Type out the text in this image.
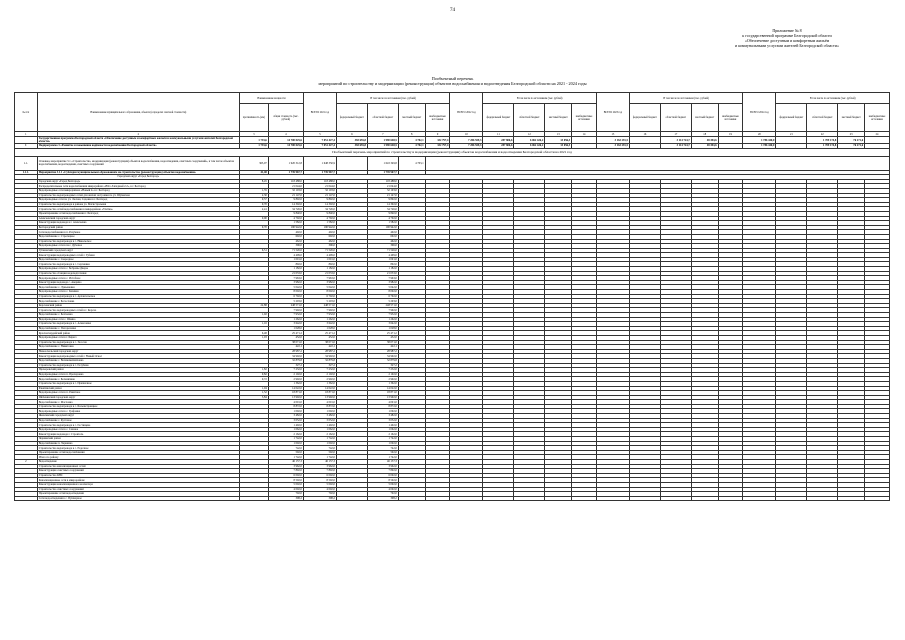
74
Приложение № 8
к государственной программе Белгородской области
«Обеспечение доступным и комфортным жильём
и коммунальными услугами жителей Белгородской области»
Пообъектный перечень
мероприятий по строительству и модернизации (реконструкции) объектов водоснабжения и водоотведения Белгородской области на 2021 - 2024 годы
№ п/п	Наименование муниципального образования, объекта (в пределах сметной стоимости)	Наименование мощности		ВСЕГО 2021 год	В том числе по источникам (тыс. рублей)				ВСЕГО 2022 год	В том числе по источникам (тыс. рублей)				ВСЕГО 2023 год	В том числе по источникам (тыс. рублей)				ВСЕГО 2024 год	В том числе по источникам (тыс. рублей)			
		протяжённость (км)	общая стоимость (тыс. рублей)		федеральный бюджет	областной бюджет	местный бюджет	внебюджетные источники		федеральный бюджет	областной бюджет	местный бюджет	внебюджетные источники		федеральный бюджет	областной бюджет	местный бюджет	внебюджетные источники		федеральный бюджет	областной бюджет	местный бюджет	внебюджетные источники

1	2	3	4	5	6	7	8	9	10	11	12	13	14	15	16	17	18	19	20	21	22	23	24
	Государственная программа Белгородской области «Обеспечение доступным и комфортным жильём и коммунальными услугами жителей Белгородской области»	1 735,6	14 700 025,6	7 051 427,4	383 655,8	1 990 648,5	4 702,1	332 797,4	7 206 559,3	287 806,6	6 062 426,2	13 056,3		3 163 291,5		3 114 724,7	48 494,6		1 786 440,0		1 709 174,8	76 271,6	
1	Подпрограмма 3 «Развитие и повышение надёжности водоснабжения Белгородской области»	1 735,6	14 700 025,6	7 051 427,4	383 655,8	1 990 648,5	4 702,1	332 797,4	7 206 559,3	287 806,6	6 062 426,2	13 056,3		3 163 291,5		3 114 724,7	48 494,6		1 786 440,0		1 709 174,8	76 271,6	
Пообъектный перечень мероприятий по строительству и модернизации (реконструкции) объектов водоснабжения и водоотведения Белгородской области на 2021 год																							
1.1.	Основное мероприятие 3.1 «Строительство, модернизация (реконструкция) объектов водоснабжения, водоотведения, очистных сооружений», в том числе объектов водоснабжения, водоотведения, очистных сооружений	365,07	1 920 312,8	1 648 350,9		1 643 349,8	4 703,1																
1.1.1.	Мероприятие 3.1.1 «Субсидии муниципальным образованиям на строительство (реконструкцию) объектов водоснабжения»	41,48	1 739 967,7	1 739 967,7		1 739 967,7																	
	Городской округ «Город Белгород»																						
	Городской округ «Город Белгород»	8,45	118 488,0	118 488,0		118 488,0																	
	Распределительные сети водоснабжения микрорайона «Юго-Западный 2.2», в г. Белгород		21 044,0	21 044,0		21 044,0																	
	Водопроводные сети микрорайона «Новый 2» в г. Белгород	1,35	32 103,0	32 103,0		32 103,0																	
	Строительство водопроводных сетей для жилой застройки по ул. Шумилова	2,30	21 147,0	21 147,0		21 147,0																	
	Водопроводные сети по ул. Лесная, Садовая в г. Белгород	0,57	9 892,0	9 892,0		9 892,0																	
	Строительство водопровода в районе ул. Магистральная	0,70	14 302,0	14 302,0		14 302,0																	
	Строительство сетей водоснабжения в микрорайоне «Улитка»	2,41	34 726,0	34 726,0		34 726,0																	
	Проектирование сетей водоснабжения г. Белгород		9 840,0	9 840,0		9 840,0																	
	Алексеевский городской округ	0,90	4 792,0	4 792,0		4 792,0																	
	Реконструкция водовода в г. Алексеевка		1 582,0	1 582,0		1 582,0																	
	Белгородский район	9,70	190 942,0	190 942,0		190 942,0																	
	Сети водоснабжения в п. Разумное		492,0	492,0		492,0																	
	Водоснабжение с. Стрелецкое		692,0	692,0		692,0																	
	Строительство водопровода в с. Никольское		462,0	462,0		462,0																	
	Водопроводные сети в пос. Дубовое		396,0	396,0		396,0																	
	Губкинский городской округ	6,51	71 526,0	71 526,0		71 526,0																	
	Реконструкция водопроводных сетей г. Губкин		4 499,0	4 499,0		4 499,0																	
	Водоснабжение с. Скородное		1 091,0	1 091,0		1 091,0																	
	Строительство водопровода в с. Сергиевка		892,0	892,0		892,0																	
	Водопроводные сети в с. Бобровы Дворы		1 182,0	1 182,0		1 182,0																	
	Строительство станции водоподготовки		21 033,0	21 033,0		21 033,0																	
	Водопроводные сети в с. Истобное		7 963,0	7 963,0		7 963,0																	
	Реконструкция водовода с. Аверино		3 982,0	3 982,0		3 982,0																	
	Водоснабжение с. Лукьяновка		5 042,0	5 042,0		5 042,0																	
	Водопроводные сети в с. Казинка		8 002,0	8 002,0		8 002,0																	
	Строительство водопровода в с. Архангельское		6 792,0	6 792,0		6 792,0																	
	Водоснабжение с. Богословка		5 203,0	5 203,0		5 203,0																	
	Корочанский район	22,88	248 571,0	248 571,0		248 571,0																	
	Строительство водопроводных сетей в г. Короча		7 992,0	7 992,0		7 992,0																	
	Водоснабжение с. Бехтеевка	1,02	7 932,0	7 932,0		7 932,0																	
	Водопроводные сети с. Шеино		1 262,0	1 262,0		1 262,0																	
	Строительство водопровода в с. Алексеевка	1,16	3 642,0	3 642,0		3 642,0																	
	Водоснабжение с. Погореловка		1 028,0	1 028,0		1 028,0																	
	Красногвардейский район	6,48	25 471,2	25 471,2		25 471,2																	
	Водопроводные сети в г. Бирюч	1,03	452,0	452,0		452,0																	
	Строительство водопровода в с. Засосна		38 071,0	38 071,0		38 071,0																	
	Водоснабжение с. Никитовка		422,1	422,1		422,1																	
	Новооскольский городской округ		28 987,2	28 987,2		28 987,2																	
	Реконструкция водопроводных сетей г. Новый Оскол		34 992,0	34 992,0		34 992,0																	
	Водоснабжение с. Великомихайловка		32 879,8	32 879,8		32 879,8																	
	Строительство водопровода в с. Голубино		327,2	327,2		327,2																	
	Прохоровский район	1,82	7 232,0	7 232,0		7 232,0																	
	Водопроводные сети в п. Прохоровка	0,82	2 102,0	2 102,0		2 102,0																	
	Водоснабжение с. Беленихино	0,72	2 992,0	2 992,0		2 992,0																	
	Строительство водопровода в с. Призначное		1 362,0	1 362,0		1 362,0																	
	Ракитянский район	1,04	14 022,0	14 022,0		14 022,0																	
	Водопроводные сети в п. Ракитное	1,52	18 871,0	18 871,0		18 871,0																	
	Шебекинский городской округ	3,84	13 992,0	13 992,0		13 992,0																	
	Водоснабжение с. Масловка		4 001,0	4 001,0		4 001,0																	
	Строительство водопровода в с. Большетроицкое		8 872,0	8 872,0		8 872,0																	
	Водопроводные сети в с. Графовка		1 092,0	1 092,0		1 092,0																	
	Яковлевский городской округ		3 482,0	3 482,0		3 482,0																	
	Водоснабжение с. Кустовое		3 052,0	3 052,0		3 052,0																	
	Строительство водопровода в с. Гостищево		1 492,0	1 492,0		1 492,0																	
	Водопроводные сети в с. Сажное		1 062,0	1 062,0		1 062,0																	
	Реконструкция водовода г. Строитель		2 162,0	2 162,0		2 162,0																	
	Чернянский район		1 742,0	1 742,0		1 742,0																	
	Водоснабжение п. Чернянка		1 002,0	1 002,0		1 002,0																	
	Строительство водопровода в с. Ездочное		742,0	742,0		742,0																	
	Проектирование сетей водоснабжения		592,0	592,0		592,0																	
	Итого по району		1 742,0	1 742,0		1 742,0																	
2	Водоотведение		46 157,3	46 157,3		46 157,3																	
	Строительство канализационных сетей		3 962,0	3 962,0		3 962,0																	
	Реконструкция очистных сооружений		7 802,0	7 802,0		7 802,0																	
	Строительство КНС		6 002,0	6 002,0		6 002,0																	
	Канализационные сети в микрорайоне		8 502,0	8 502,0		8 502,0																	
	Реконструкция канализационного коллектора		5 002,0	5 002,0		5 002,0																	
	Строительство очистных сооружений		4 002,0	4 002,0		4 002,0																	
	Проектирование сетей водоотведения		702,0	702,0		702,0																	
	Сети водоотведения в с. Пушкарное		398,2	398,2		398,2																	
